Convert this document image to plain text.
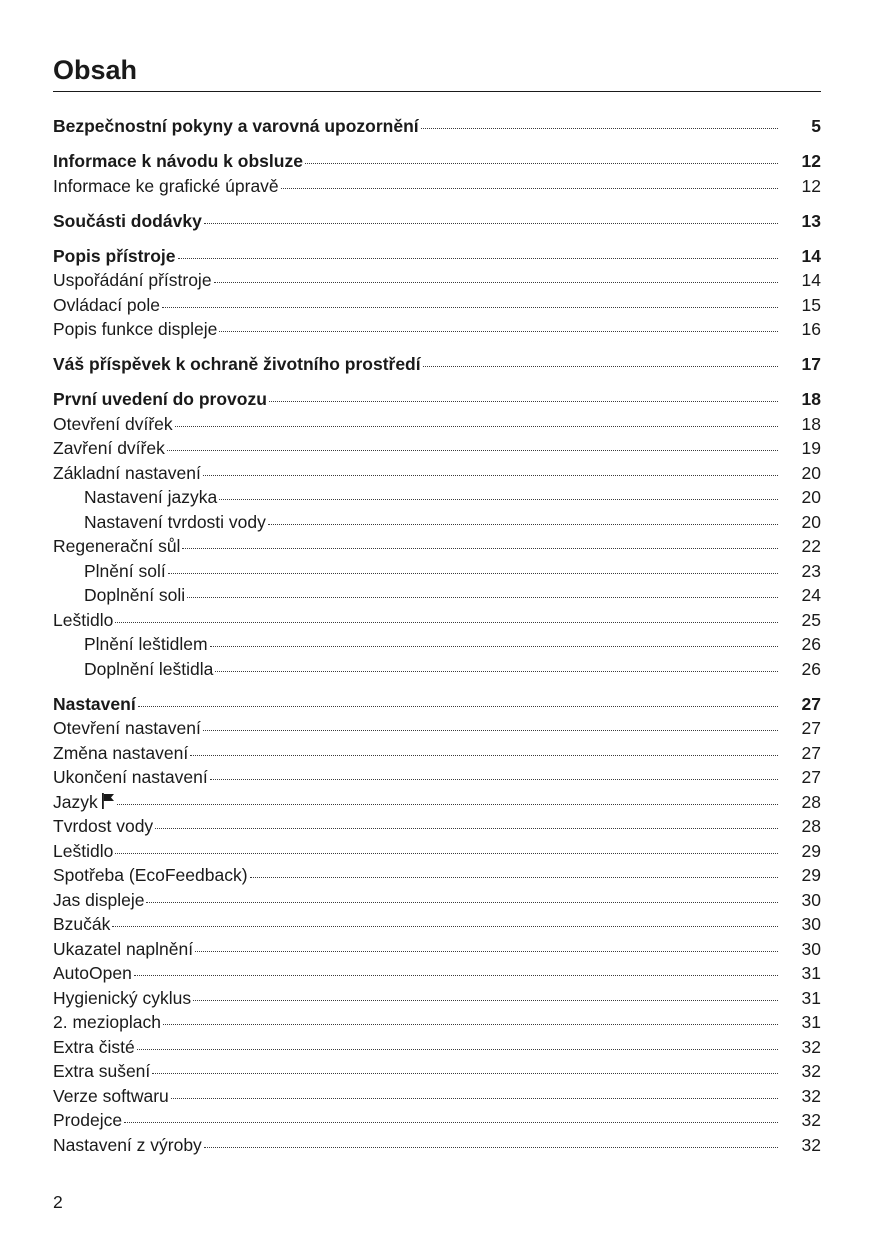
Obsah
Bezpečnostní pokyny a varovná upozornění	5
Informace k návodu k obsluze	12
Informace ke grafické úpravě	12
Součásti dodávky	13
Popis přístroje	14
Uspořádání přístroje	14
Ovládací pole	15
Popis funkce displeje	16
Váš příspěvek k ochraně životního prostředí	17
První uvedení do provozu	18
Otevření dvířek	18
Zavření dvířek	19
Základní nastavení	20
Nastavení jazyka	20
Nastavení tvrdosti vody	20
Regenerační sůl	22
Plnění solí	23
Doplnění soli	24
Leštidlo	25
Plnění leštidlem	26
Doplnění leštidla	26
Nastavení	27
Otevření nastavení	27
Změna nastavení	27
Ukončení nastavení	27
Jazyk	28
Tvrdost vody	28
Leštidlo	29
Spotřeba (EcoFeedback)	29
Jas displeje	30
Bzučák	30
Ukazatel naplnění	30
AutoOpen	31
Hygienický cyklus	31
2. mezioplach	31
Extra čisté	32
Extra sušení	32
Verze softwaru	32
Prodejce	32
Nastavení z výroby	32
2
